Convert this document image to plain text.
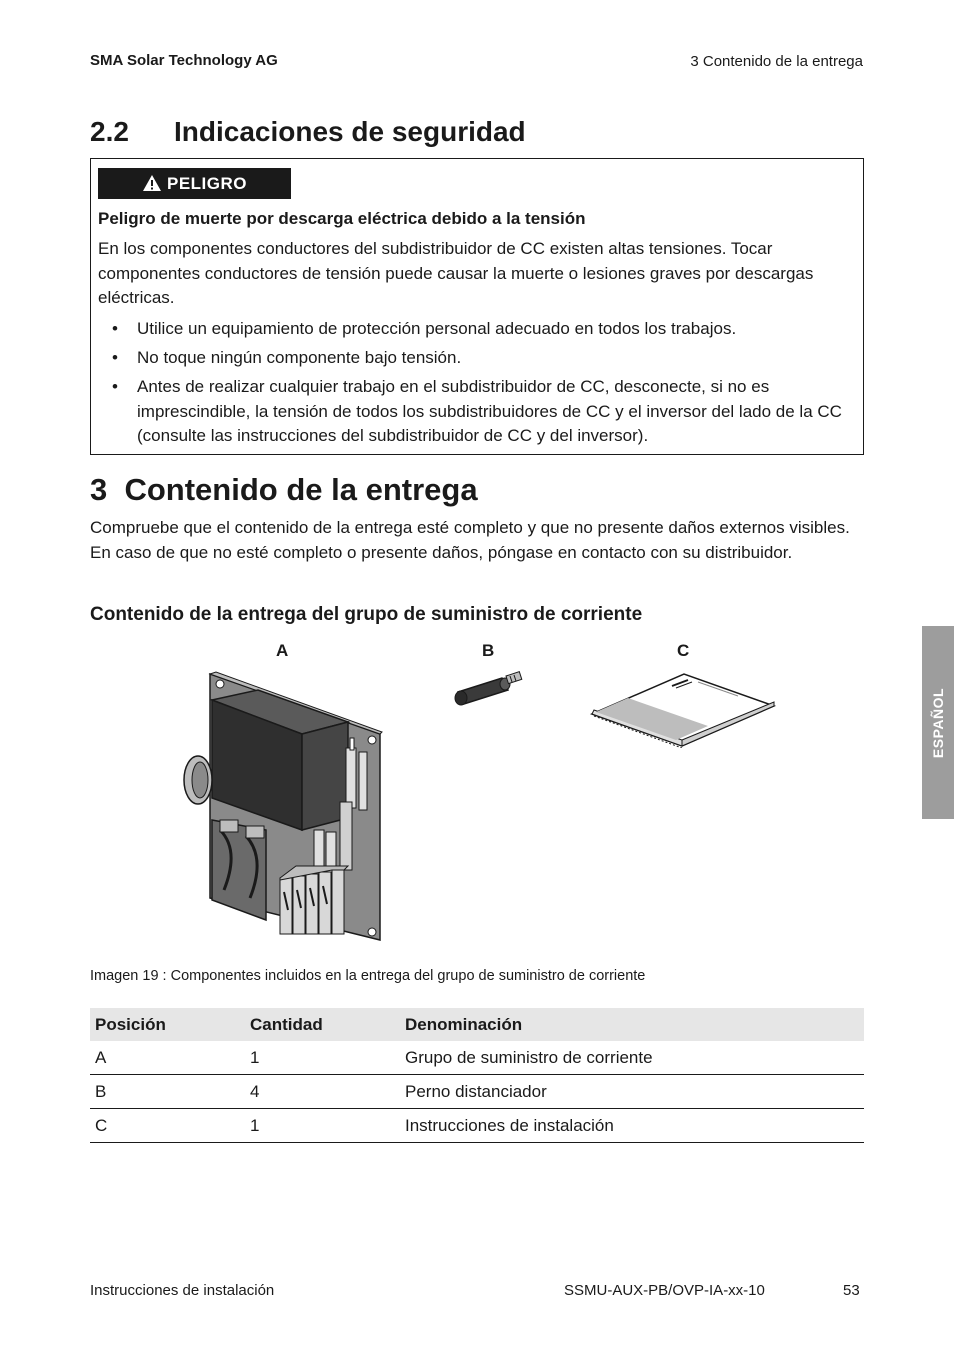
SMA Solar Technology AG	3 Contenido de la entrega
2.2 Indicaciones de seguridad
PELIGRO
Peligro de muerte por descarga eléctrica debido a la tensión
En los componentes conductores del subdistribuidor de CC existen altas tensiones. Tocar componentes conductores de tensión puede causar la muerte o lesiones graves por descargas eléctricas.
• Utilice un equipamiento de protección personal adecuado en todos los trabajos.
• No toque ningún componente bajo tensión.
• Antes de realizar cualquier trabajo en el subdistribuidor de CC, desconecte, si no es imprescindible, la tensión de todos los subdistribuidores de CC y el inversor del lado de la CC (consulte las instrucciones del subdistribuidor de CC y del inversor).
3  Contenido de la entrega
Compruebe que el contenido de la entrega esté completo y que no presente daños externos visibles. En caso de que no esté completo o presente daños, póngase en contacto con su distribuidor.
Contenido de la entrega del grupo de suministro de corriente
A	B	C
Imagen 19 : Componentes incluidos en la entrega del grupo de suministro de corriente
Posición	Cantidad	Denominación
A	1	Grupo de suministro de corriente
B	4	Perno distanciador
C	1	Instrucciones de instalación
ESPAÑOL
Instrucciones de instalación	SSMU-AUX-PB/OVP-IA-xx-10	53
